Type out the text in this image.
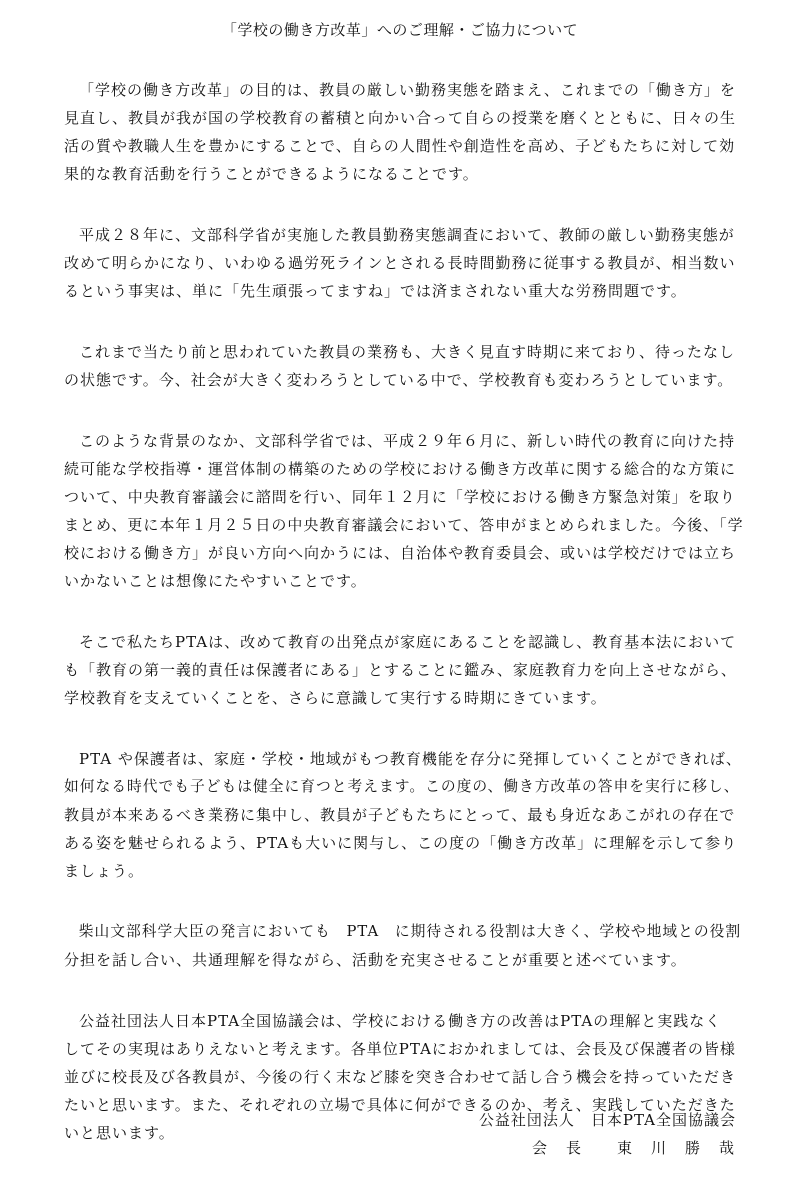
「学校の働き方改革」へのご理解・ご協力について

「学校の働き方改革」の目的は、教員の厳しい勤務実態を踏まえ、これまでの「働き方」を
見直し、教員が我が国の学校教育の蓄積と向かい合って自らの授業を磨くとともに、日々の生
活の質や教職人生を豊かにすることで、自らの人間性や創造性を高め、子どもたちに対して効
果的な教育活動を行うことができるようになることです。

平成２８年に、文部科学省が実施した教員勤務実態調査において、教師の厳しい勤務実態が
改めて明らかになり、いわゆる過労死ラインとされる長時間勤務に従事する教員が、相当数い
るという事実は、単に「先生頑張ってますね」では済まされない重大な労務問題です。

これまで当たり前と思われていた教員の業務も、大きく見直す時期に来ており、待ったなし
の状態です。今、社会が大きく変わろうとしている中で、学校教育も変わろうとしています。

このような背景のなか、文部科学省では、平成２９年６月に、新しい時代の教育に向けた持
続可能な学校指導・運営体制の構築のための学校における働き方改革に関する総合的な方策に
ついて、中央教育審議会に諮問を行い、同年１２月に「学校における働き方緊急対策」を取り
まとめ、更に本年１月２５日の中央教育審議会において、答申がまとめられました。今後、「学
校における働き方」が良い方向へ向かうには、自治体や教育委員会、或いは学校だけでは立ち
いかないことは想像にたやすいことです。

そこで私たちPTAは、改めて教育の出発点が家庭にあることを認識し、教育基本法において
も「教育の第一義的責任は保護者にある」とすることに鑑み、家庭教育力を向上させながら、
学校教育を支えていくことを、さらに意識して実行する時期にきています。

PTA や保護者は、家庭・学校・地域がもつ教育機能を存分に発揮していくことができれば、
如何なる時代でも子どもは健全に育つと考えます。この度の、働き方改革の答申を実行に移し、
教員が本来あるべき業務に集中し、教員が子どもたちにとって、最も身近なあこがれの存在で
ある姿を魅せられるよう、PTAも大いに関与し、この度の「働き方改革」に理解を示して参り
ましょう。

柴山文部科学大臣の発言においても　PTA　に期待される役割は大きく、学校や地域との役割
分担を話し合い、共通理解を得ながら、活動を充実させることが重要と述べています。

公益社団法人日本PTA全国協議会は、学校における働き方の改善はPTAの理解と実践なく
してその実現はありえないと考えます。各単位PTAにおかれましては、会長及び保護者の皆様
並びに校長及び各教員が、今後の行く末など膝を突き合わせて話し合う機会を持っていただき
たいと思います。また、それぞれの立場で具体に何ができるのか、考え、実践していただきた
いと思います。

公益社団法人　日本PTA全国協議会
会　長　　東　川　勝　哉
